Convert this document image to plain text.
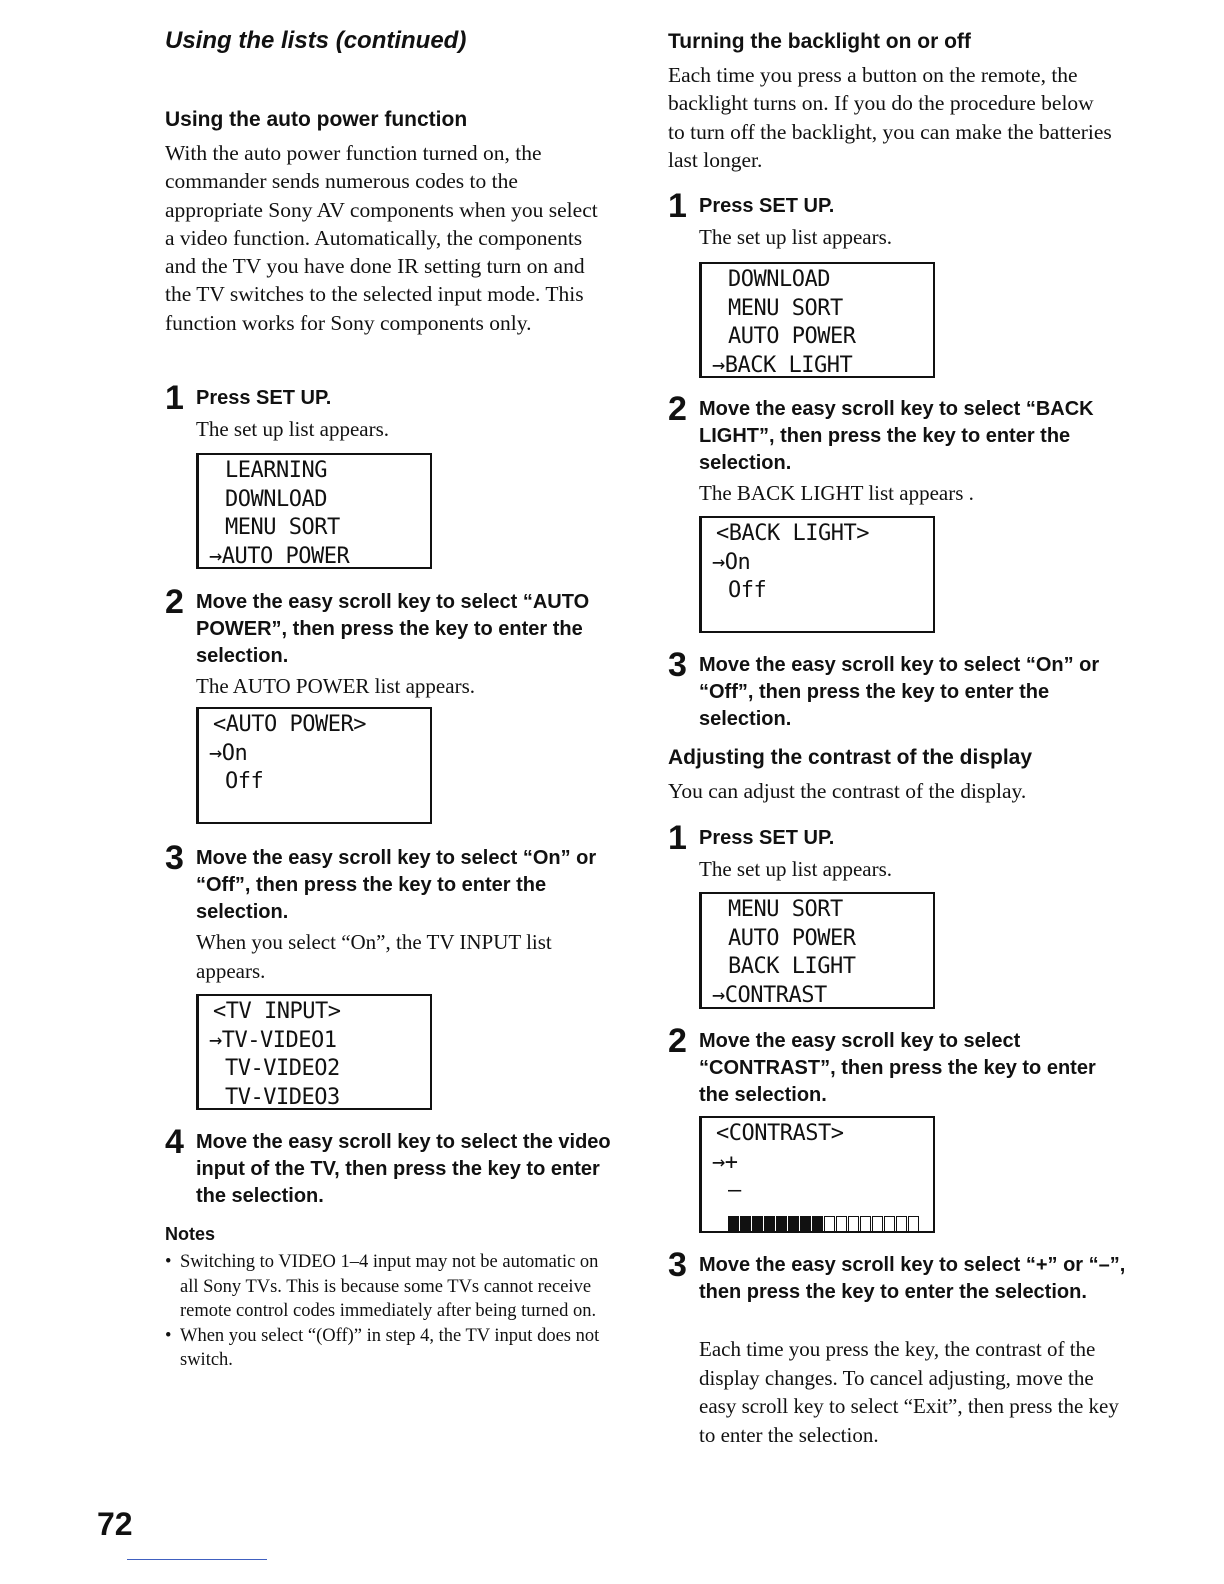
Using the lists (continued)
Using the auto power function
With the auto power function turned on, the commander sends numerous codes to the appropriate Sony AV components when you select a video function. Automatically, the components and the TV you have done IR setting turn on and the TV switches to the selected input mode. This function works for Sony components only.
1 Press SET UP.
The set up list appears.
LEARNING
DOWNLOAD
MENU SORT
→AUTO POWER
2 Move the easy scroll key to select “AUTO POWER”, then press the key to enter the selection.
The AUTO POWER list appears.
<AUTO POWER>
→On
Off
3 Move the easy scroll key to select “On” or “Off”, then press the key to enter the selection.
When you select “On”, the TV INPUT list appears.
<TV INPUT>
→TV-VIDEO1
TV-VIDEO2
TV-VIDEO3
4 Move the easy scroll key to select the video input of the TV, then press the key to enter the selection.
Notes
• Switching to VIDEO 1–4 input may not be automatic on all Sony TVs. This is because some TVs cannot receive remote control codes immediately after being turned on.
• When you select “(Off)” in step 4, the TV input does not switch.
Turning the backlight on or off
Each time you press a button on the remote, the backlight turns on. If you do the procedure below to turn off the backlight, you can make the batteries last longer.
1 Press SET UP.
The set up list appears.
DOWNLOAD
MENU SORT
AUTO POWER
→BACK LIGHT
2 Move the easy scroll key to select “BACK LIGHT”, then press the key to enter the selection.
The BACK LIGHT list appears .
<BACK LIGHT>
→On
Off
3 Move the easy scroll key to select “On” or “Off”, then press the key to enter the selection.
Adjusting the contrast of the display
You can adjust the contrast of the display.
1 Press SET UP.
The set up list appears.
MENU SORT
AUTO POWER
BACK LIGHT
→CONTRAST
2 Move the easy scroll key to select “CONTRAST”, then press the key to enter the selection.
<CONTRAST>
→+
–
3 Move the easy scroll key to select “+” or “–”, then press the key to enter the selection.
Each time you press the key, the contrast of the display changes. To cancel adjusting, move the easy scroll key to select “Exit”, then press the key to enter the selection.
72
